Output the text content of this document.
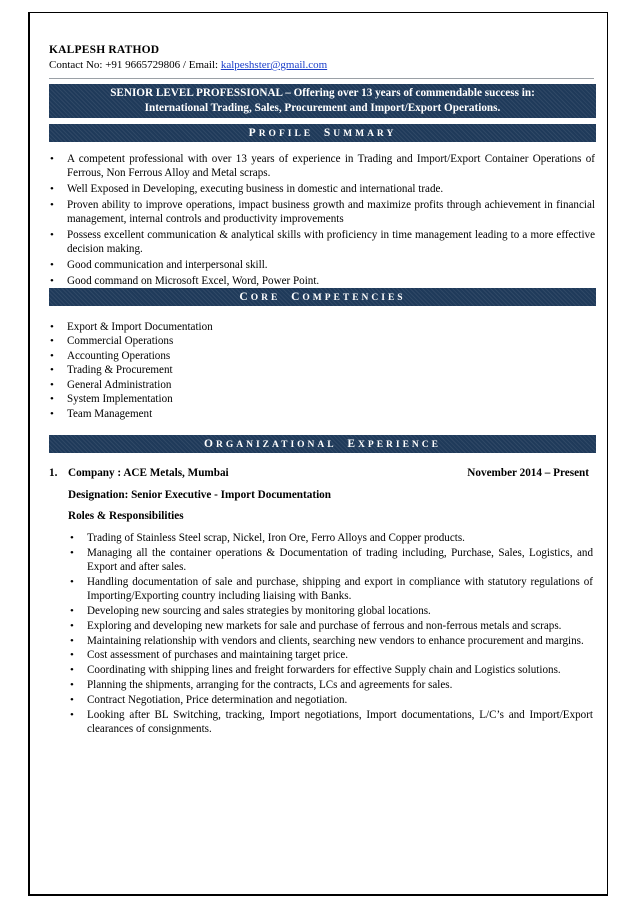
KALPESH RATHOD
Contact No: +91 9665729806 / Email: kalpeshster@gmail.com
SENIOR LEVEL PROFESSIONAL – Offering over 13 years of commendable success in:
International Trading, Sales, Procurement and Import/Export Operations.
PROFILE SUMMARY
• A competent professional with over 13 years of experience in Trading and Import/Export Container Operations of Ferrous, Non Ferrous Alloy and Metal scraps.
• Well Exposed in Developing, executing business in domestic and international trade.
• Proven ability to improve operations, impact business growth and maximize profits through achievement in financial management, internal controls and productivity improvements
• Possess excellent communication & analytical skills with proficiency in time management leading to a more effective decision making.
• Good communication and interpersonal skill.
• Good command on Microsoft Excel, Word, Power Point.
CORE COMPETENCIES
• Export & Import Documentation
• Commercial Operations
• Accounting Operations
• Trading & Procurement
• General Administration
• System Implementation
• Team Management
ORGANIZATIONAL EXPERIENCE
1. Company : ACE Metals, Mumbai	November 2014 – Present
Designation: Senior Executive - Import Documentation
Roles & Responsibilities
• Trading of Stainless Steel scrap, Nickel, Iron Ore, Ferro Alloys and Copper products.
• Managing all the container operations & Documentation of trading including, Purchase, Sales, Logistics, and Export and after sales.
• Handling documentation of sale and purchase, shipping and export in compliance with statutory regulations of Importing/Exporting country including liaising with Banks.
• Developing new sourcing and sales strategies by monitoring global locations.
• Exploring and developing new markets for sale and purchase of ferrous and non-ferrous metals and scraps.
• Maintaining relationship with vendors and clients, searching new vendors to enhance procurement and margins.
• Cost assessment of purchases and maintaining target price.
• Coordinating with shipping lines and freight forwarders for effective Supply chain and Logistics solutions.
• Planning the shipments, arranging for the contracts, LCs and agreements for sales.
• Contract Negotiation, Price determination and negotiation.
• Looking after BL Switching, tracking, Import negotiations, Import documentations, L/C’s and Import/Export clearances of consignments.
